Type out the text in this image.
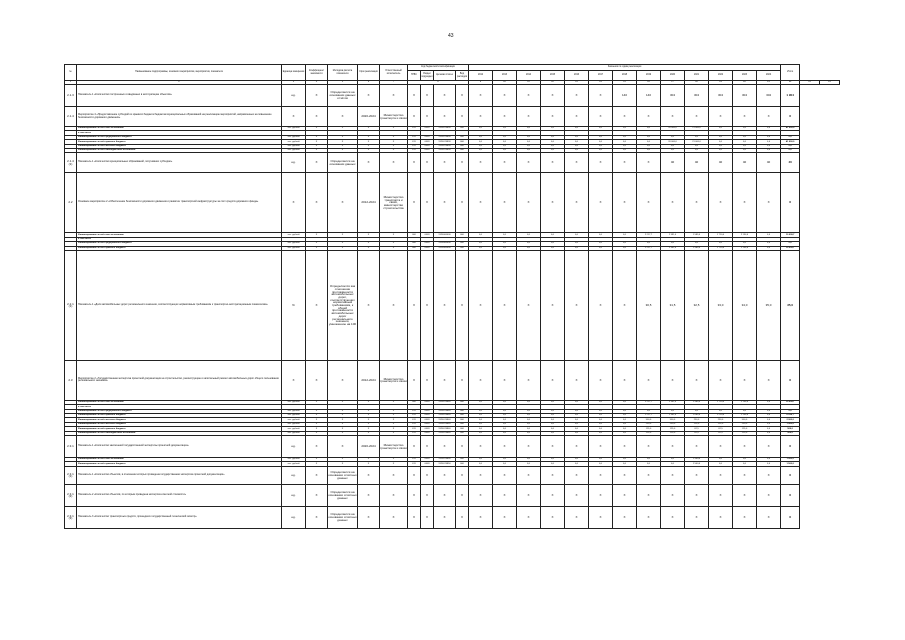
43
№	Наименование подпрограммы, основного мероприятия, мероприятия, показателя	Единица измерения	Коэффициент значимости	Методика расчёта показателя	Срок реализации	Ответственный исполнитель	Код бюджетной классификации				Значения по годам реализации													Итого		
							ГРБС	Раздел подраздел	Целевая статья	Вид расходов	2012	2013	2014	2015	2016	2017	2018	2019	2020	2021	2022	2023	2024			
1	2	3	4	5	6	7	8				9	10	11	12	13	14	15	16	17	18	19	20	21	22	23	24
2.1.3	Показатель 1 «Количество построенных и введённых в эксплуатацию объектов»	ед.	X	Определяется на основании данных отчётов	X	X	X	X	X	X	X	X	X	X	X	X	140	140	304	304	304	304	304	1 904		
2.1.4	Мероприятие 4 «Предоставление субсидий из краевого бюджета бюджетам муниципальных образований на реализацию мероприятий, направленных на повышение безопасности дорожного движения»	X	X	X	2020-2024	Министерство транспорта и связи	X	X	X	X	X	X	X	X	X	X	X	X	X	X	X	X	X	X		
	Финансирование за счёт всех источников	тыс. рублей	X	X	X	X	611	0409	1920074830	000	0,0	0,0	0,0	0,0	0,0	0,0	0,0	0,0	20 000,0	21 000,0	0,0	0,0	0,0	41 000,0		
	в том числе																									
	Финансирование за счёт федерального бюджета	тыс. рублей	X	X	X	X	611	0409	1920074830	000	0,0	0,0	0,0	0,0	0,0	0,0	0,0	0,0	0,0	0,0	0,0	0,0	0,0	0,0		
	Финансирование за счёт краевого бюджета	тыс. рублей	X	X	X	X	611	0409	1920074830	000	0,0	0,0	0,0	0,0	0,0	0,0	0,0	0,0	20 000,0	21 000,0	0,0	0,0	0,0	41 000,0		
	Финансирование за счёт местного бюджета	тыс. рублей	X	X	X	X	611	0409	1920074830	000	0,0	0,0	0,0	0,0	0,0	0,0	0,0	0,0	0,0	0,0	0,0	0,0	0,0	0,0		
	Финансирование за счёт внебюджетных источников	тыс. рублей	X	X	X	X	611	0409	1920074830	000	0,0	0,0	0,0	0,0	0,0	0,0	0,0	0,0	0,0	0,0	0,0	0,0	0,0	0,0		
2.1.4 (1)	Показатель 1 «Количество муниципальных образований, получивших субсидии»	ед.	X	Определяется на основании данных	X	X	X	X	X	X	X	X	X	X	X	X	X	X	40	40	40	40	40	40		
2.2	Основное мероприятие 2 «Обеспечение безопасности дорожного движения и развитие транспортной инфраструктуры за счёт средств дорожного фонда»	X	X	X	2012-2024	Министерство транспорта и связи, министерство строительства	X	X	X	X	X	X	X	X	X	X	X	X	X	X	X	X	X	X		
	Финансирование за счёт всех источников	тыс. рублей	X	X	X	X	000	0409	1920000000	000	0,0	0,0	0,0	0,0	0,0	0,0	0,0	2 217,7	2 391,4	1 585,0	1 710,0	2 134,6	0,0	10 038,7		
	в том числе																									
	Финансирование за счёт федерального бюджета	тыс. рублей	X	X	X	X	000	0409	1920000000	000	0,0	0,0	0,0	0,0	0,0	0,0	0,0	0,0	0,0	0,0	0,0	0,0	0,0	0,0		
	Финансирование за счёт краевого бюджета	тыс. рублей	X	X	X	X	000	0409	1920000000	000	0,0	0,0	0,0	0,0	0,0	0,0	0,0	2 217,7	2 391,4	1 585,0	1 710,0	2 134,6	0,0	10 038,7		
2.2.1 (1)	Показатель 1 «Доля автомобильных дорог регионального значения, соответствующих нормативным требованиям к транспортно-эксплуатационным показателям»	%	X	Определяется как отношение протяжённости автомобильных дорог, соответствующих нормативным требованиям, к общей протяжённости автомобильных дорог регионального значения, умноженное на 100	X	X	X	X	X	X	X	X	X	X	X	X	X	30,5	31,5	32,5	33,0	34,0	35,0	35,0		
2.3	Мероприятие 2 «Государственная экспертиза проектной документации на строительство, реконструкцию и капитальный ремонт автомобильных дорог общего пользования регионального значения»	X	X	X	2012-2024	Министерство транспорта и связи	X	X	X	X	X	X	X	X	X	X	X	X	X	X	X	X	X	X		
	Финансирование за счёт всех источников	тыс. рублей	X	X	X	X	000	0409	1920074840	000	0,0	0,0	0,0	0,0	0,0	0,0	0,0	2 217,7	2 391,4	1 585,0	1 710,0	2 134,6	0,0	10 038,7		
	в том числе																									
	Финансирование за счёт федерального бюджета	тыс. рублей	X	X	X	X	611	0409	1920074840	000	0,0	0,0	0,0	0,0	0,0	0,0	0,0	0,0	0,0	0,0	0,0	0,0	0,0	0,0		
	Финансирование за счёт краевого бюджета	тыс. рублей	X	X	X	X	611	0409	1920074840	000	0,0	0,0	0,0	0,0	0,0	0,0	0,0	1 217,7	1 391,4	1 085,0	1 210,0	1 134,6	0,0	6 038,7		
	Финансирование за счёт местного бюджета	тыс. рублей	X	X	X	X	611	0409	1920074840	000	0,0	0,0	0,0	0,0	0,0	0,0	0,0	500,0	500,0	250,0	250,0	500,0	0,0	2 000,0		
	Финансирование за счёт местного бюджета	тыс. рублей	X	X	X	X	611	0409	1920074840	000	0,0	0,0	0,0	0,0	0,0	0,0	0,0	250,0	250,0	125,0	125,0	250,0	0,0	1 000,0		
	Финансирование за счёт краевого бюджета	тыс. рублей	X	X	X	X	611	0409	1920074840	000	0,0	0,0	0,0	0,0	0,0	0,0	0,0	125,0	125,0	62,5	62,5	125,0	0,0	500,0		
	Финансирование за счёт внебюджетных источников	тыс. рублей	X	X	X	X	611	0409	1920074840	000	0,0	0,0	0,0	0,0	0,0	0,0	0,0	125,0	125,0	62,5	62,5	125,0	0,0	500,0		
2.3.1	Показатель 1 «Количество заключений государственной экспертизы проектной документации»	ед.	X	X	2020-2024	Министерство транспорта и связи	X	X	X	X	X	X	X	X	X	X	X	X	X	X	X	X	X	X		
	Финансирование за счёт всех источников	тыс. рублей	X	X	X	X	611	0409	1920074850	000	0,0	0,0	0,0	0,0	0,0	0,0	0,0	0,0	0,0	1 500,0	0,0	0,0	0,0	1 500,0		
	Финансирование за счёт краевого бюджета	тыс. рублей	X	X	X	X	611	0409	1920074850	000	0,0	0,0	0,0	0,0	0,0	0,0	0,0	0,0	0,0	1 500,0	0,0	0,0	0,0	1 500,0		
2.3.1 (1)	Показатель 1 «Количество объектов, в отношении которых проведена государственная экспертиза проектной документации»	ед.	X	Определяется на основании отчётных данных	X	X	X	X	X	X	X	X	X	X	X	X	X	X	X	X	X	X	X	X		
2.3.1 (2)	Показатель 2 «Количество объектов, по которым проведена экспертиза сметной стоимости»	ед.	X	Определяется на основании отчётных данных	X	X	X	X	X	X	X	X	X	X	X	X	X	X	X	X	X	X	X	X		
2.3.1 (3)	Показатель 3 «Количество транспортных средств, прошедших государственный технический осмотр»	ед.	X	Определяется на основании отчётных данных	X	X	X	X	X	X	X	X	X	X	X	X	X	X	X	X	X	X	X	X		
